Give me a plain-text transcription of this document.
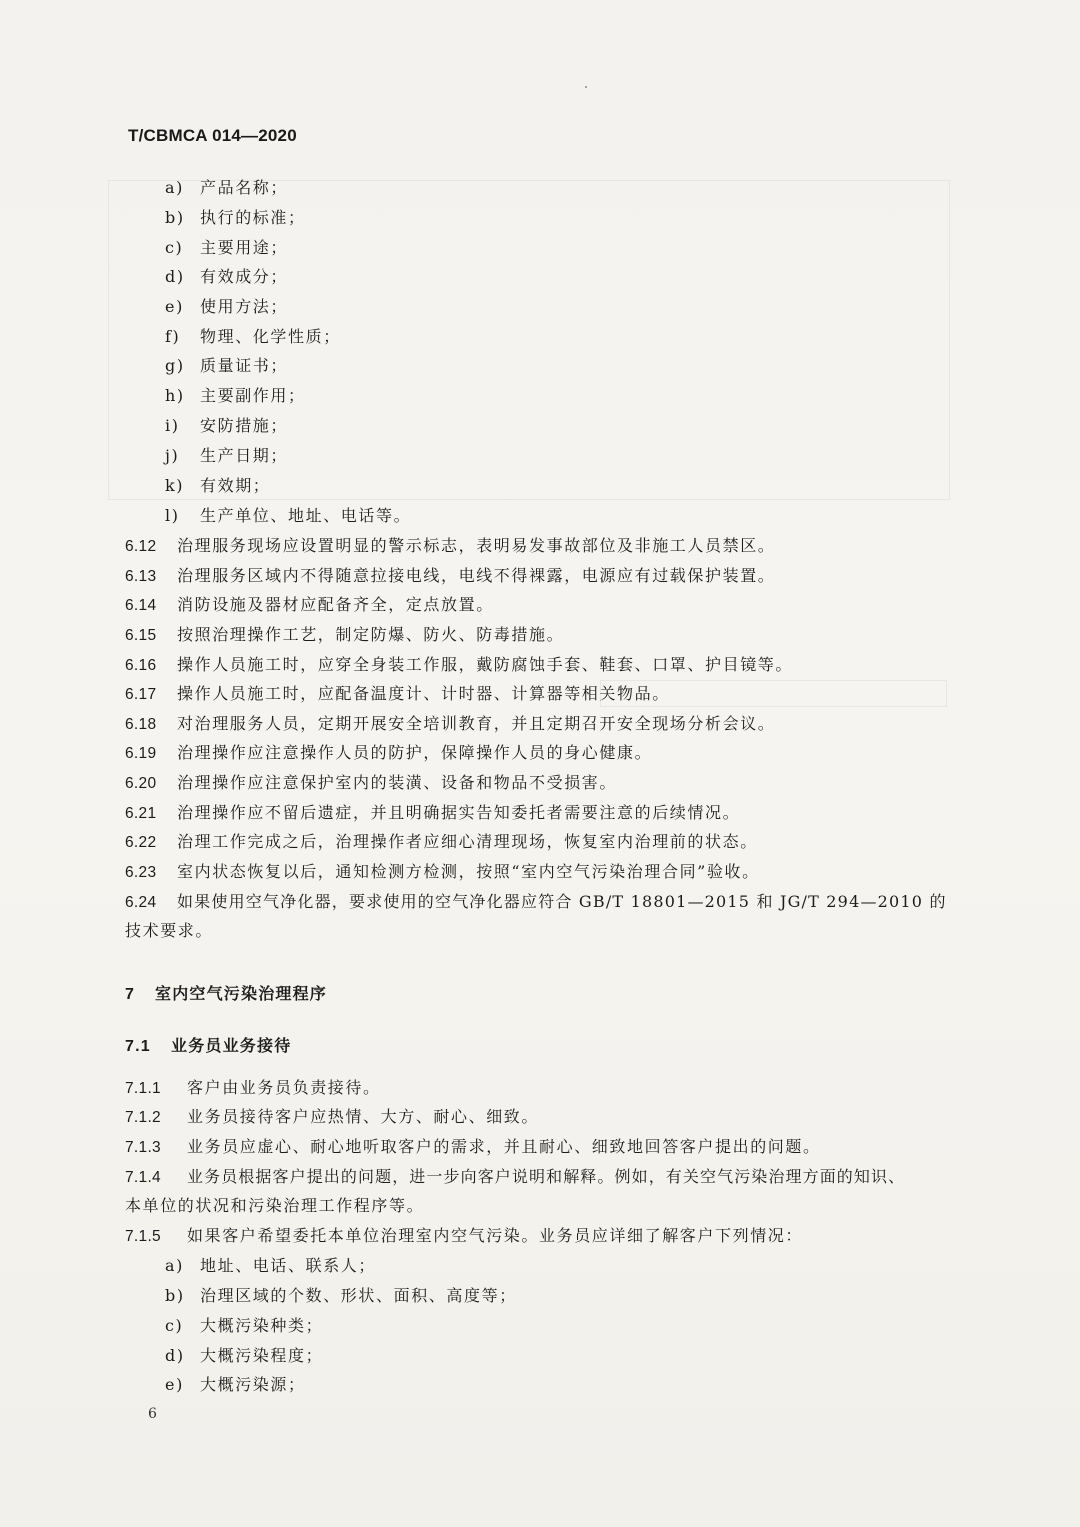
T/CBMCA 014—2020
a) 产品名称；
b) 执行的标准；
c) 主要用途；
d) 有效成分；
e) 使用方法；
f) 物理、化学性质；
g) 质量证书；
h) 主要副作用；
i) 安防措施；
j) 生产日期；
k) 有效期；
l) 生产单位、地址、电话等。
6.12 治理服务现场应设置明显的警示标志，表明易发事故部位及非施工人员禁区。
6.13 治理服务区域内不得随意拉接电线，电线不得裸露，电源应有过载保护装置。
6.14 消防设施及器材应配备齐全，定点放置。
6.15 按照治理操作工艺，制定防爆、防火、防毒措施。
6.16 操作人员施工时，应穿全身装工作服，戴防腐蚀手套、鞋套、口罩、护目镜等。
6.17 操作人员施工时，应配备温度计、计时器、计算器等相关物品。
6.18 对治理服务人员，定期开展安全培训教育，并且定期召开安全现场分析会议。
6.19 治理操作应注意操作人员的防护，保障操作人员的身心健康。
6.20 治理操作应注意保护室内的装潢、设备和物品不受损害。
6.21 治理操作应不留后遗症，并且明确据实告知委托者需要注意的后续情况。
6.22 治理工作完成之后，治理操作者应细心清理现场，恢复室内治理前的状态。
6.23 室内状态恢复以后，通知检测方检测，按照“室内空气污染治理合同”验收。
6.24 如果使用空气净化器，要求使用的空气净化器应符合 GB/T 18801—2015 和 JG/T 294—2010 的
技术要求。
7 室内空气污染治理程序
7.1 业务员业务接待
7.1.1 客户由业务员负责接待。
7.1.2 业务员接待客户应热情、大方、耐心、细致。
7.1.3 业务员应虚心、耐心地听取客户的需求，并且耐心、细致地回答客户提出的问题。
7.1.4 业务员根据客户提出的问题，进一步向客户说明和解释。例如，有关空气污染治理方面的知识、
本单位的状况和污染治理工作程序等。
7.1.5 如果客户希望委托本单位治理室内空气污染。业务员应详细了解客户下列情况：
a) 地址、电话、联系人；
b) 治理区域的个数、形状、面积、高度等；
c) 大概污染种类；
d) 大概污染程度；
e) 大概污染源；
6
